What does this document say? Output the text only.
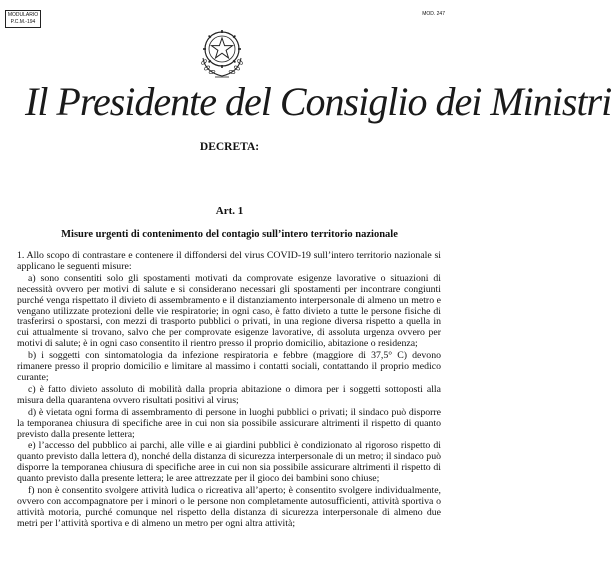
MODULARIO
P.C.M.-194
MOD. 247
Il Presidente del Consiglio dei Ministri
DECRETA:
Art. 1
Misure urgenti di contenimento del contagio sull’intero territorio nazionale

1. Allo scopo di contrastare e contenere il diffondersi del virus COVID-19 sull’intero territorio nazionale si applicano le seguenti misure:

a) sono consentiti solo gli spostamenti motivati da comprovate esigenze lavorative o situazioni di necessità ovvero per motivi di salute e si considerano necessari gli spostamenti per incontrare congiunti purché venga rispettato il divieto di assembramento e il distanziamento interpersonale di almeno un metro e vengano utilizzate protezioni delle vie respiratorie; in ogni caso, è fatto divieto a tutte le persone fisiche di trasferirsi o spostarsi, con mezzi di trasporto pubblici o privati, in una regione diversa rispetto a quella in cui attualmente si trovano, salvo che per comprovate esigenze lavorative, di assoluta urgenza ovvero per motivi di salute; è in ogni caso consentito il rientro presso il proprio domicilio, abitazione o residenza;

b) i soggetti con sintomatologia da infezione respiratoria e febbre (maggiore di 37,5° C) devono rimanere presso il proprio domicilio e limitare al massimo i contatti sociali, contattando il proprio medico curante;

c) è fatto divieto assoluto di mobilità dalla propria abitazione o dimora per i soggetti sottoposti alla misura della quarantena ovvero risultati positivi al virus;

d) è vietata ogni forma di assembramento di persone in luoghi pubblici o privati; il sindaco può disporre la temporanea chiusura di specifiche aree in cui non sia possibile assicurare altrimenti il rispetto di quanto previsto dalla presente lettera;

e) l’accesso del pubblico ai parchi, alle ville e ai giardini pubblici è condizionato al rigoroso rispetto di quanto previsto dalla lettera d), nonché della distanza di sicurezza interpersonale di un metro; il sindaco può disporre la temporanea chiusura di specifiche aree in cui non sia possibile assicurare altrimenti il rispetto di quanto previsto dalla presente lettera; le aree attrezzate per il gioco dei bambini sono chiuse;

f) non è consentito svolgere attività ludica o ricreativa all’aperto; è consentito svolgere individualmente, ovvero con accompagnatore per i minori o le persone non completamente autosufficienti, attività sportiva o attività motoria, purché comunque nel rispetto della distanza di sicurezza interpersonale di almeno due metri per l’attività sportiva e di almeno un metro per ogni altra attività;
